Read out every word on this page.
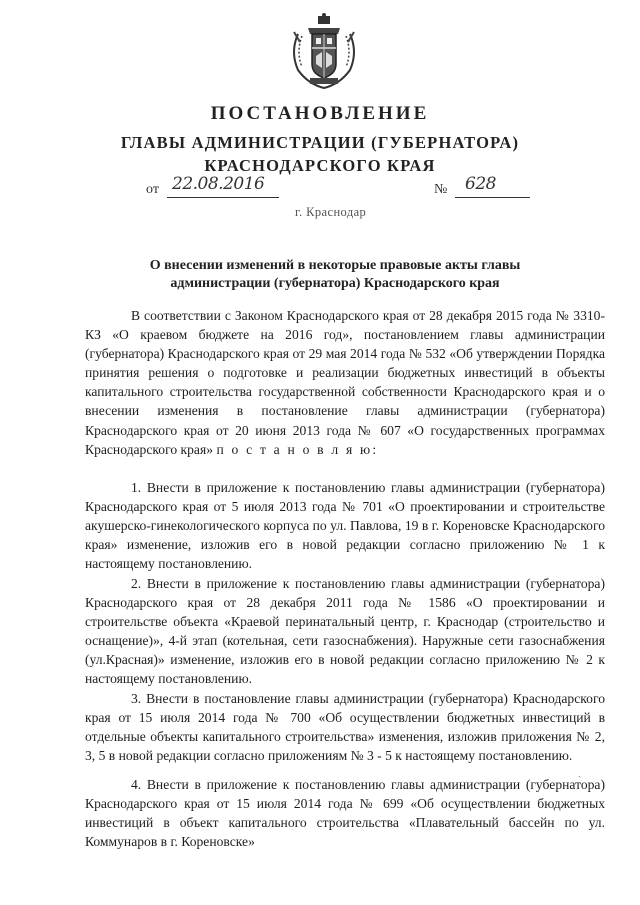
ПОСТАНОВЛЕНИЕ
ГЛАВЫ АДМИНИСТРАЦИИ (ГУБЕРНАТОРА)
КРАСНОДАРСКОГО КРАЯ
от 22.08.2016	№ 628
г. Краснодар
О внесении изменений в некоторые правовые акты главы
администрации (губернатора) Краснодарского края

В соответствии с Законом Краснодарского края от 28 декабря 2015 года № 3310-КЗ «О краевом бюджете на 2016 год», постановлением главы администрации (губернатора) Краснодарского края от 29 мая 2014 года № 532 «Об утверждении Порядка принятия решения о подготовке и реализации бюджетных инвестиций в объекты капитального строительства государственной собственности Краснодарского края и о внесении изменения в постановление главы администрации (губернатора) Краснодарского края от 20 июня 2013 года № 607 «О государственных программах Краснодарского края» п о с т а н о в л я ю:

1. Внести в приложение к постановлению главы администрации (губернатора) Краснодарского края от 5 июля 2013 года № 701 «О проектировании и строительстве акушерско-гинекологического корпуса по ул. Павлова, 19 в г. Кореновске Краснодарского края» изменение, изложив его в новой редакции согласно приложению № 1 к настоящему постановлению.

2. Внести в приложение к постановлению главы администрации (губернатора) Краснодарского края от 28 декабря 2011 года № 1586 «О проектировании и строительстве объекта «Краевой перинатальный центр, г. Краснодар (строительство и оснащение)», 4-й этап (котельная, сети газоснабжения). Наружные сети газоснабжения (ул.Красная)» изменение, изложив его в новой редакции согласно приложению № 2 к настоящему постановлению.

3. Внести в постановление главы администрации (губернатора) Краснодарского края от 15 июля 2014 года № 700 «Об осуществлении бюджетных инвестиций в отдельные объекты капитального строительства» изменения, изложив приложения № 2, 3, 5 в новой редакции согласно приложениям № 3 - 5 к настоящему постановлению.

ˎ

4. Внести в приложение к постановлению главы администрации (губернатора) Краснодарского края от 15 июля 2014 года № 699 «Об осуществлении бюджетных инвестиций в объект капитального строительства «Плавательный бассейн по ул. Коммунаров в г. Кореновске»
